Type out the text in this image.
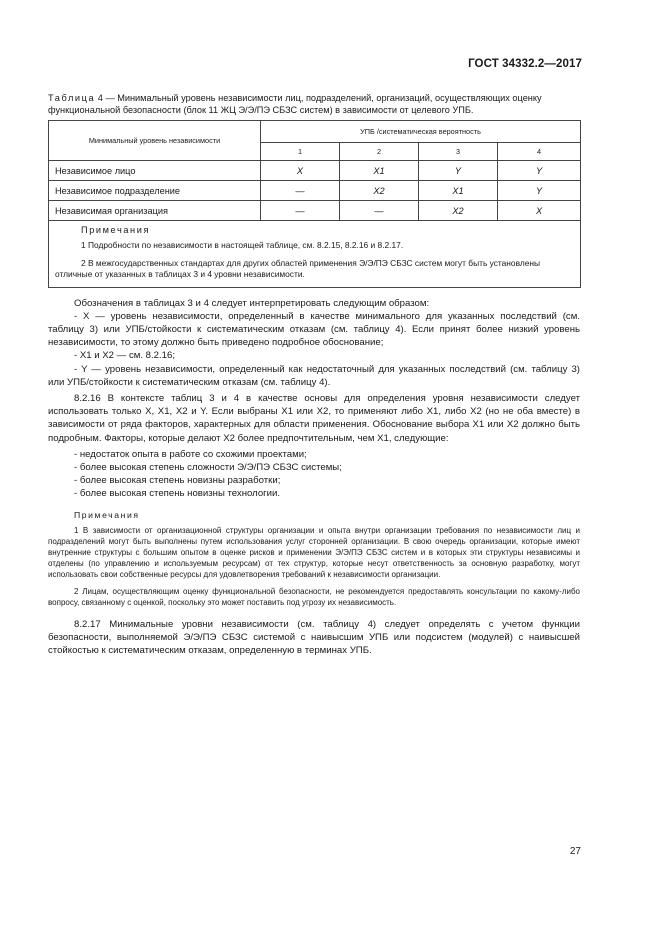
ГОСТ 34332.2—2017

Таблица 4 — Минимальный уровень независимости лиц, подразделений, организаций, осуществляющих оценку функциональной безопасности (блок 11 ЖЦ Э/Э/ПЭ СБЗС систем) в зависимости от целевого УПБ.

Минимальный уровень независимости	УПБ /систематическая вероятность			
	1	2	3	4
Независимое лицо	X	X1	Y	Y
Независимое подразделение	—	X2	X1	Y
Независимая организация	—	—	X2	X

Примечания

1 Подробности по независимости в настоящей таблице, см. 8.2.15, 8.2.16 и 8.2.17.

2 В межгосударственных стандартах для других областей применения Э/Э/ПЭ СБЗС систем могут быть установлены отличные от указанных в таблицах 3 и 4 уровни независимости.				

Обозначения в таблицах 3 и 4 следует интерпретировать следующим образом:

- X — уровень независимости, определенный в качестве минимального для указанных последствий (см. таблицу 3) или УПБ/стойкости к систематическим отказам (см. таблицу 4). Если принят более низкий уровень независимости, то этому должно быть приведено подробное обоснование;

- X1 и X2 — см. 8.2.16;

- Y — уровень независимости, определенный как недостаточный для указанных последствий (см. таблицу 3) или УПБ/стойкости к систематическим отказам (см. таблицу 4).

8.2.16 В контексте таблиц 3 и 4 в качестве основы для определения уровня независимости следует использовать только X, X1, X2 и Y. Если выбраны X1 или X2, то применяют либо X1, либо X2 (но не оба вместе) в зависимости от ряда факторов, характерных для области применения. Обоснование выбора X1 или X2 должно быть подробным. Факторы, которые делают X2 более предпочтительным, чем X1, следующие:

- недостаток опыта в работе со схожими проектами;

- более высокая степень сложности Э/Э/ПЭ СБЗС системы;

- более высокая степень новизны разработки;

- более высокая степень новизны технологии.

Примечания

1 В зависимости от организационной структуры организации и опыта внутри организации требования по независимости лиц и подразделений могут быть выполнены путем использования услуг сторонней организации. В свою очередь организации, которые имеют внутренние структуры с большим опытом в оценке рисков и применении Э/Э/ПЭ СБЗС систем и в которых эти структуры независимы и отделены (по управлению и используемым ресурсам) от тех структур, которые несут ответственность за основную разработку, могут использовать свои собственные ресурсы для удовлетворения требований к независимости организации.

2 Лицам, осуществляющим оценку функциональной безопасности, не рекомендуется предоставлять консультации по какому-либо вопросу, связанному с оценкой, поскольку это может поставить под угрозу их независимость.

8.2.17 Минимальные уровни независимости (см. таблицу 4) следует определять с учетом функции безопасности, выполняемой Э/Э/ПЭ СБЗС системой с наивысшим УПБ или подсистем (модулей) с наивысшей стойкостью к систематическим отказам, определенную в терминах УПБ.

27
